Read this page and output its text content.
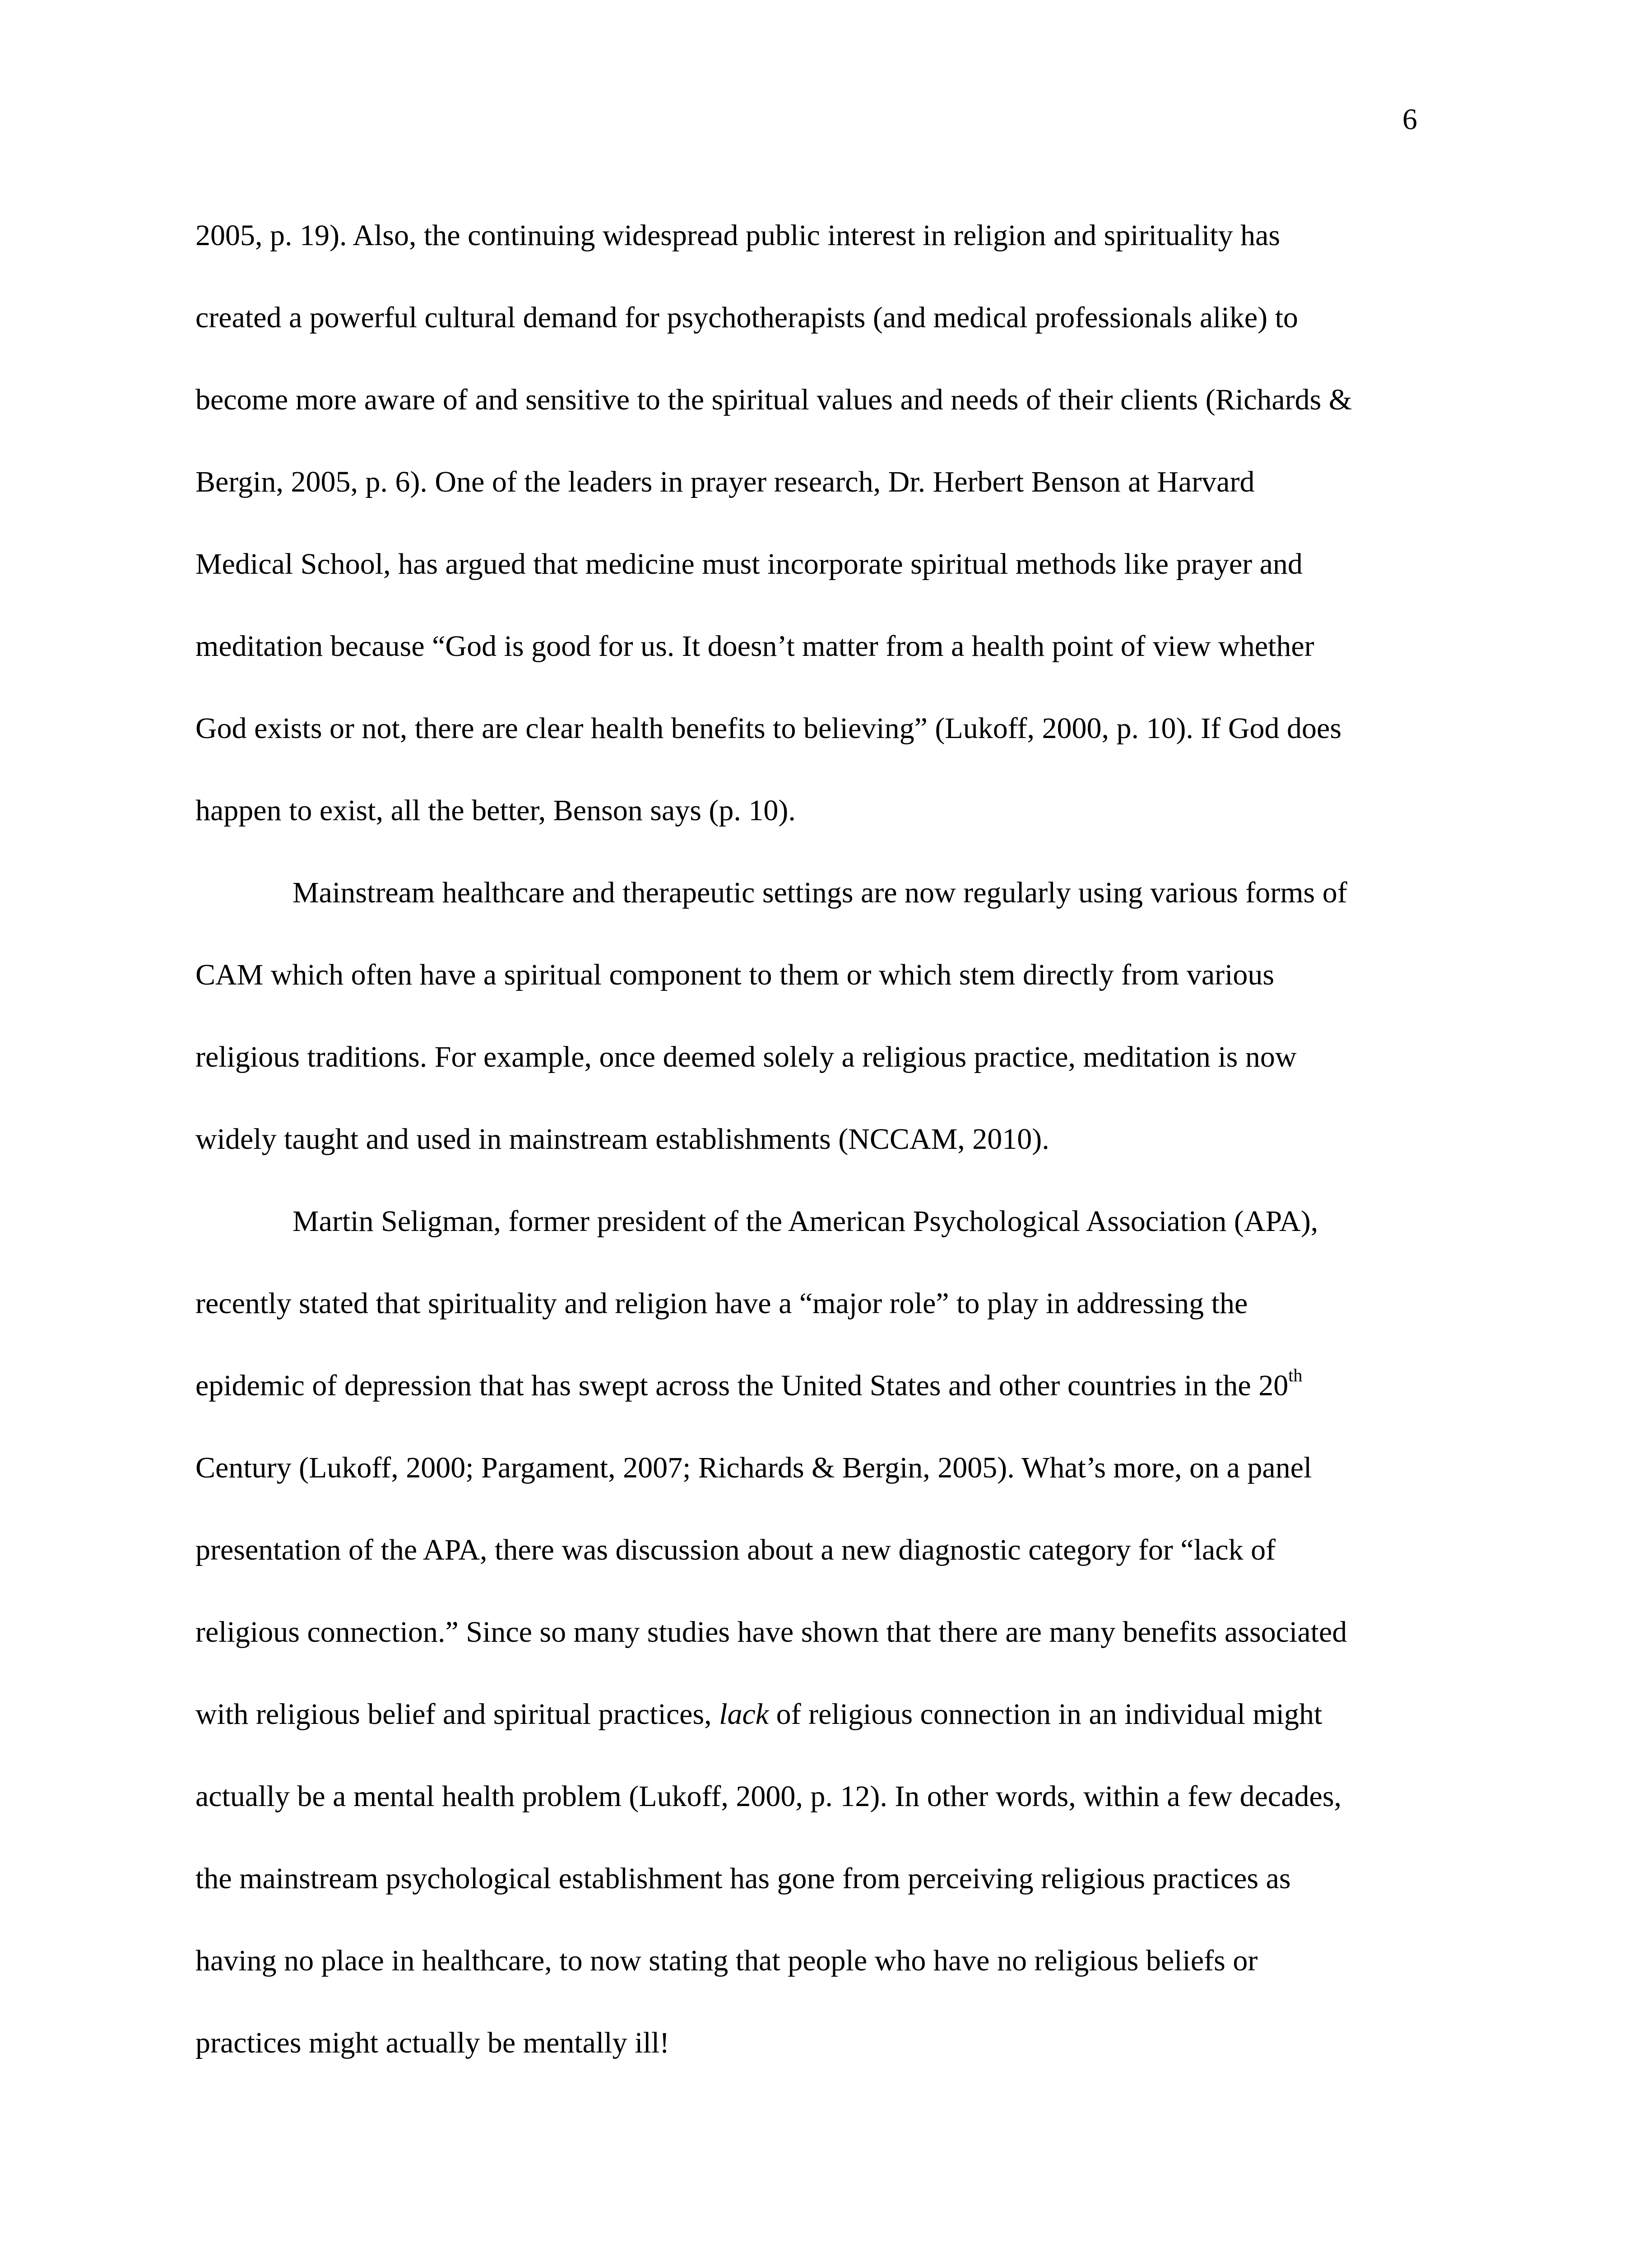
6
2005, p. 19). Also, the continuing widespread public interest in religion and spirituality has
created a powerful cultural demand for psychotherapists (and medical professionals alike) to
become more aware of and sensitive to the spiritual values and needs of their clients (Richards &
Bergin, 2005, p. 6). One of the leaders in prayer research, Dr. Herbert Benson at Harvard
Medical School, has argued that medicine must incorporate spiritual methods like prayer and
meditation because “God is good for us. It doesn’t matter from a health point of view whether
God exists or not, there are clear health benefits to believing” (Lukoff, 2000, p. 10). If God does
happen to exist, all the better, Benson says (p. 10).
Mainstream healthcare and therapeutic settings are now regularly using various forms of
CAM which often have a spiritual component to them or which stem directly from various
religious traditions. For example, once deemed solely a religious practice, meditation is now
widely taught and used in mainstream establishments (NCCAM, 2010).
Martin Seligman, former president of the American Psychological Association (APA),
recently stated that spirituality and religion have a “major role” to play in addressing the
epidemic of depression that has swept across the United States and other countries in the 20th
Century (Lukoff, 2000; Pargament, 2007; Richards & Bergin, 2005). What’s more, on a panel
presentation of the APA, there was discussion about a new diagnostic category for “lack of
religious connection.” Since so many studies have shown that there are many benefits associated
with religious belief and spiritual practices, lack of religious connection in an individual might
actually be a mental health problem (Lukoff, 2000, p. 12). In other words, within a few decades,
the mainstream psychological establishment has gone from perceiving religious practices as
having no place in healthcare, to now stating that people who have no religious beliefs or
practices might actually be mentally ill!
